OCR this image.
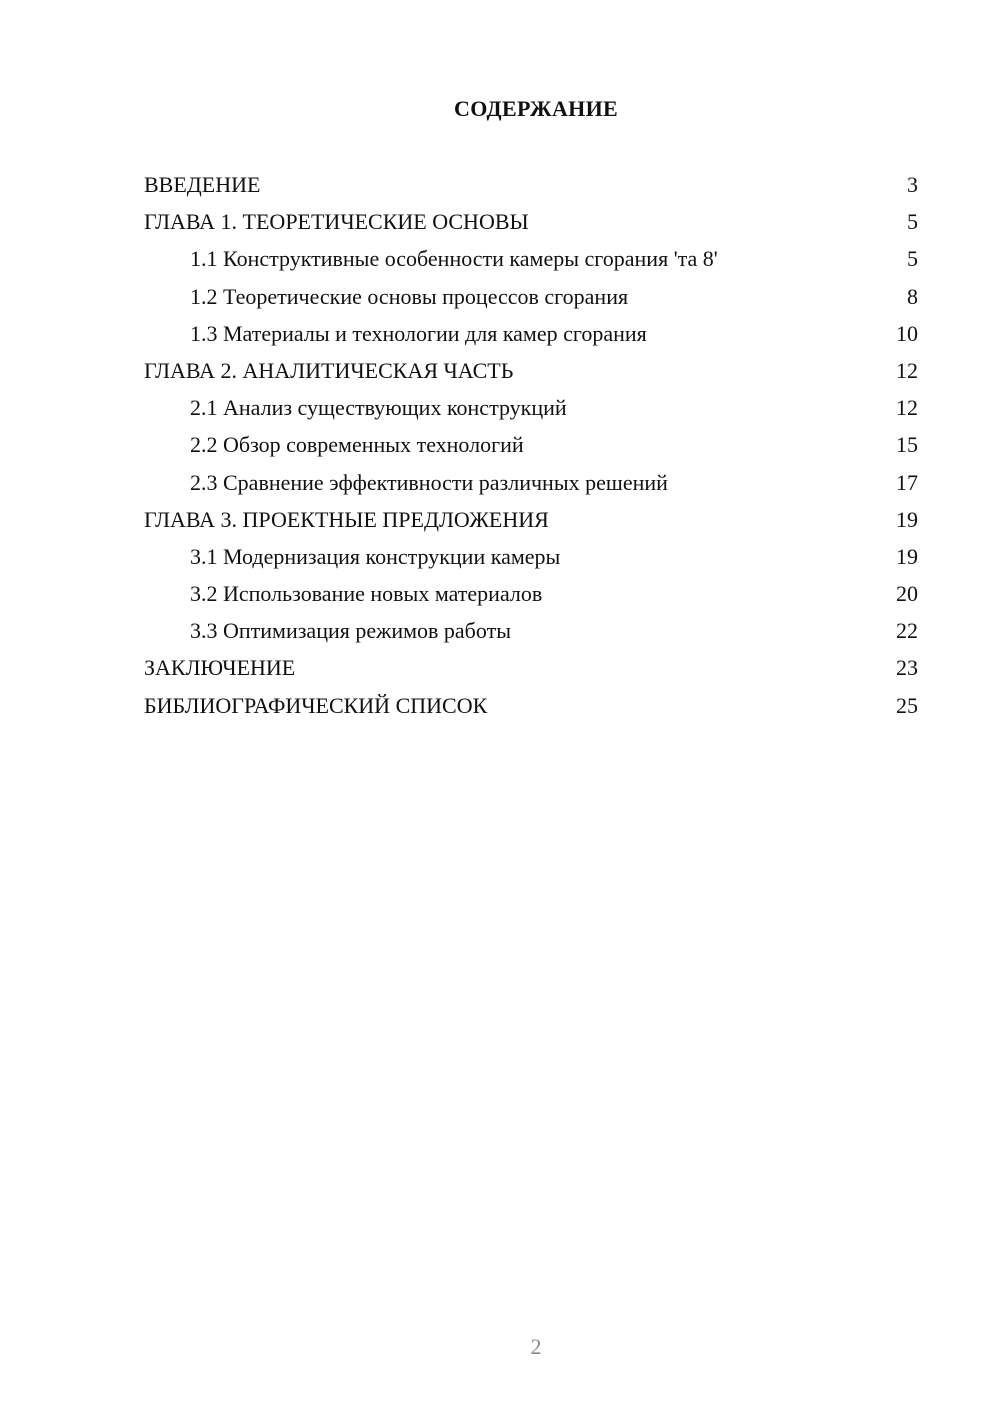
СОДЕРЖАНИЕ
ВВЕДЕНИЕ	3
ГЛАВА 1. ТЕОРЕТИЧЕСКИЕ ОСНОВЫ	5
1.1 Конструктивные особенности камеры сгорания 'та 8'	5
1.2 Теоретические основы процессов сгорания	8
1.3 Материалы и технологии для камер сгорания	10
ГЛАВА 2. АНАЛИТИЧЕСКАЯ ЧАСТЬ	12
2.1 Анализ существующих конструкций	12
2.2 Обзор современных технологий	15
2.3 Сравнение эффективности различных решений	17
ГЛАВА 3. ПРОЕКТНЫЕ ПРЕДЛОЖЕНИЯ	19
3.1 Модернизация конструкции камеры	19
3.2 Использование новых материалов	20
3.3 Оптимизация режимов работы	22
ЗАКЛЮЧЕНИЕ	23
БИБЛИОГРАФИЧЕСКИЙ СПИСОК	25
2
